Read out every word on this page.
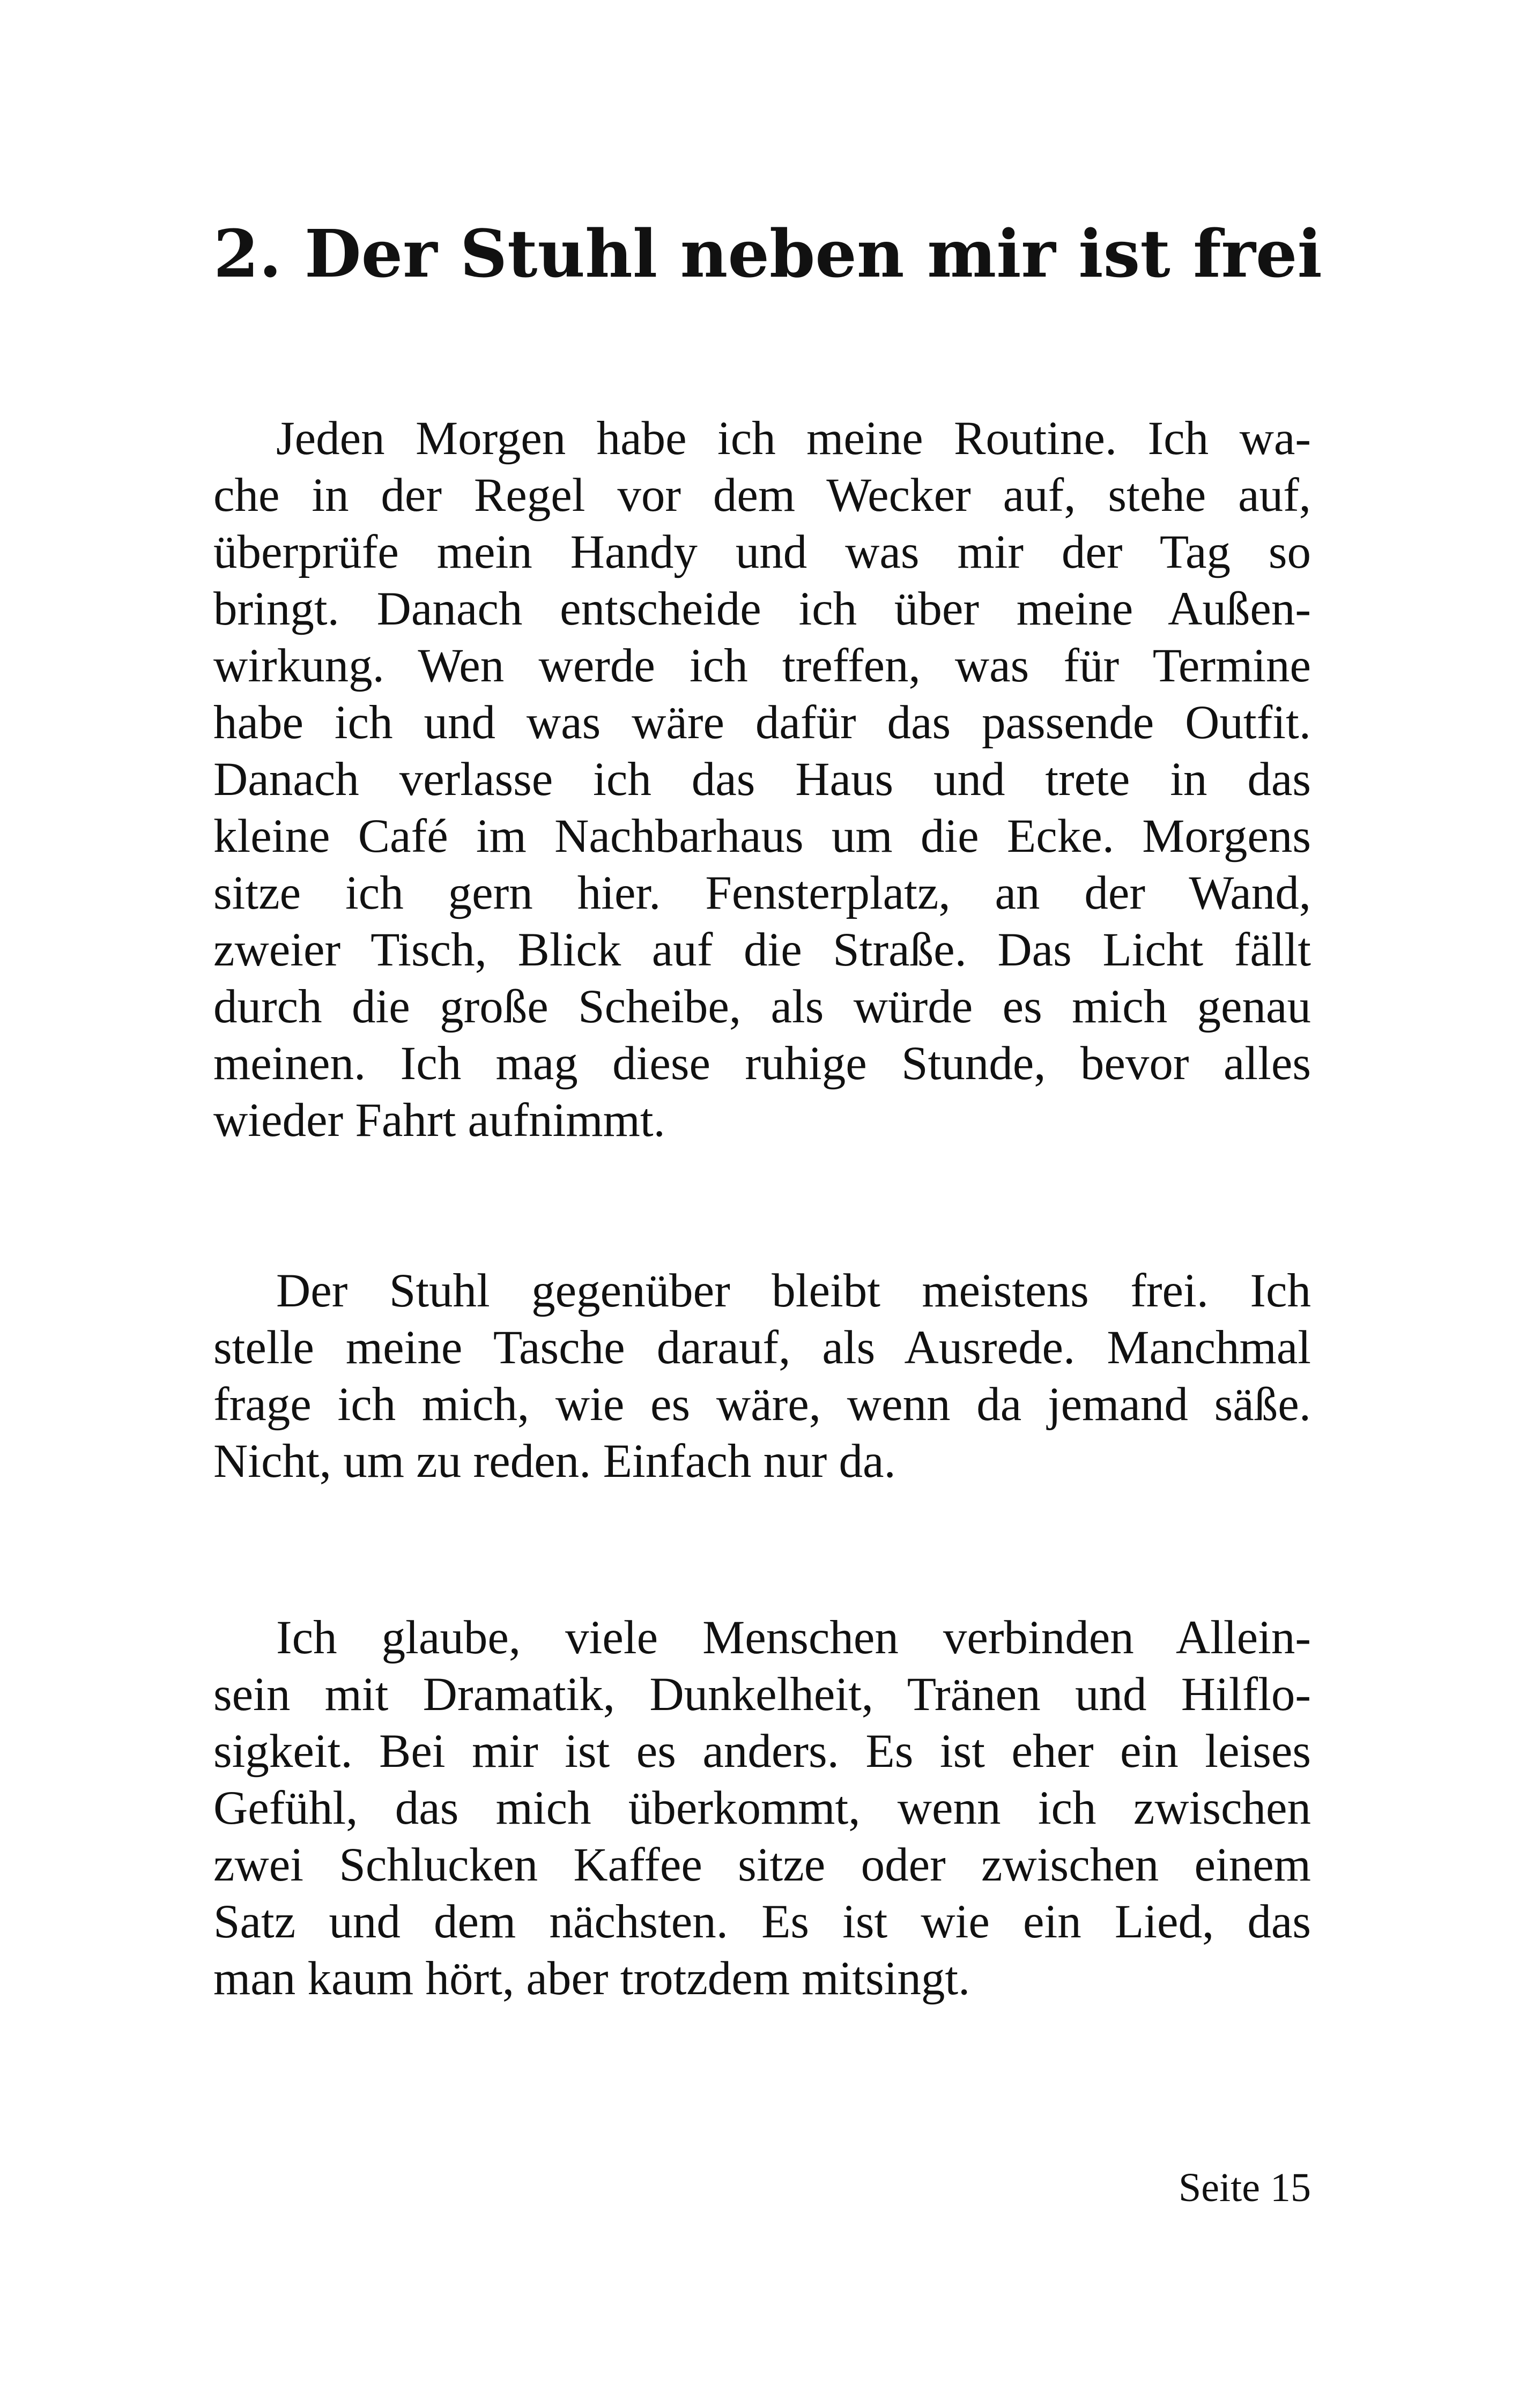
2. Der Stuhl neben mir ist frei
Jeden Morgen habe ich meine Routine. Ich wa-
che in der Regel vor dem Wecker auf, stehe auf,
überprüfe mein Handy und was mir der Tag so
bringt. Danach entscheide ich über meine Außen-
wirkung. Wen werde ich treffen, was für Termine
habe ich und was wäre dafür das passende Outfit.
Danach verlasse ich das Haus und trete in das
kleine Café im Nachbarhaus um die Ecke. Morgens
sitze ich gern hier. Fensterplatz, an der Wand,
zweier Tisch, Blick auf die Straße. Das Licht fällt
durch die große Scheibe, als würde es mich genau
meinen. Ich mag diese ruhige Stunde, bevor alles
wieder Fahrt aufnimmt.
Der Stuhl gegenüber bleibt meistens frei. Ich
stelle meine Tasche darauf, als Ausrede. Manchmal
frage ich mich, wie es wäre, wenn da jemand säße.
Nicht, um zu reden. Einfach nur da.
Ich glaube, viele Menschen verbinden Allein-
sein mit Dramatik, Dunkelheit, Tränen und Hilflo-
sigkeit. Bei mir ist es anders. Es ist eher ein leises
Gefühl, das mich überkommt, wenn ich zwischen
zwei Schlucken Kaffee sitze oder zwischen einem
Satz und dem nächsten. Es ist wie ein Lied, das
man kaum hört, aber trotzdem mitsingt.

Seite 15
